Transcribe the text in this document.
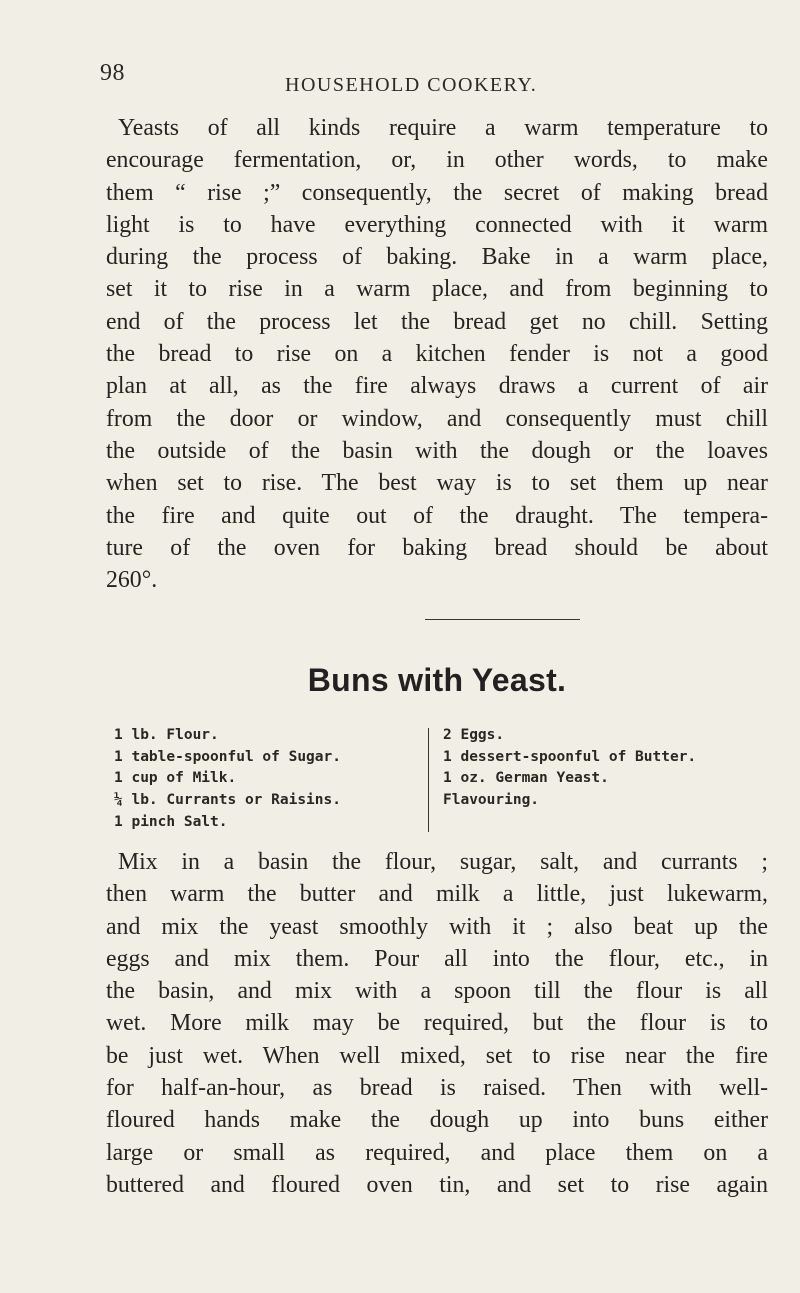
98	HOUSEHOLD COOKERY.
Yeasts of all kinds require a warm temperature to
encourage fermentation, or, in other words, to make
them “ rise ;” consequently, the secret of making bread
light is to have everything connected with it warm
during the process of baking. Bake in a warm place,
set it to rise in a warm place, and from beginning to
end of the process let the bread get no chill. Setting
the bread to rise on a kitchen fender is not a good
plan at all, as the fire always draws a current of air
from the door or window, and consequently must chill
the outside of the basin with the dough or the loaves
when set to rise. The best way is to set them up near
the fire and quite out of the draught. The tempera-
ture of the oven for baking bread should be about
260°.
Buns with Yeast.
1 lb. Flour.
1 table-spoonful of Sugar.
1 cup of Milk.
¼ lb. Currants or Raisins.
1 pinch Salt.
2 Eggs.
1 dessert-spoonful of Butter.
1 oz. German Yeast.
Flavouring.
Mix in a basin the flour, sugar, salt, and currants ;
then warm the butter and milk a little, just lukewarm,
and mix the yeast smoothly with it ; also beat up the
eggs and mix them. Pour all into the flour, etc., in
the basin, and mix with a spoon till the flour is all
wet. More milk may be required, but the flour is to
be just wet. When well mixed, set to rise near the fire
for half-an-hour, as bread is raised. Then with well-
floured hands make the dough up into buns either
large or small as required, and place them on a
buttered and floured oven tin, and set to rise again
